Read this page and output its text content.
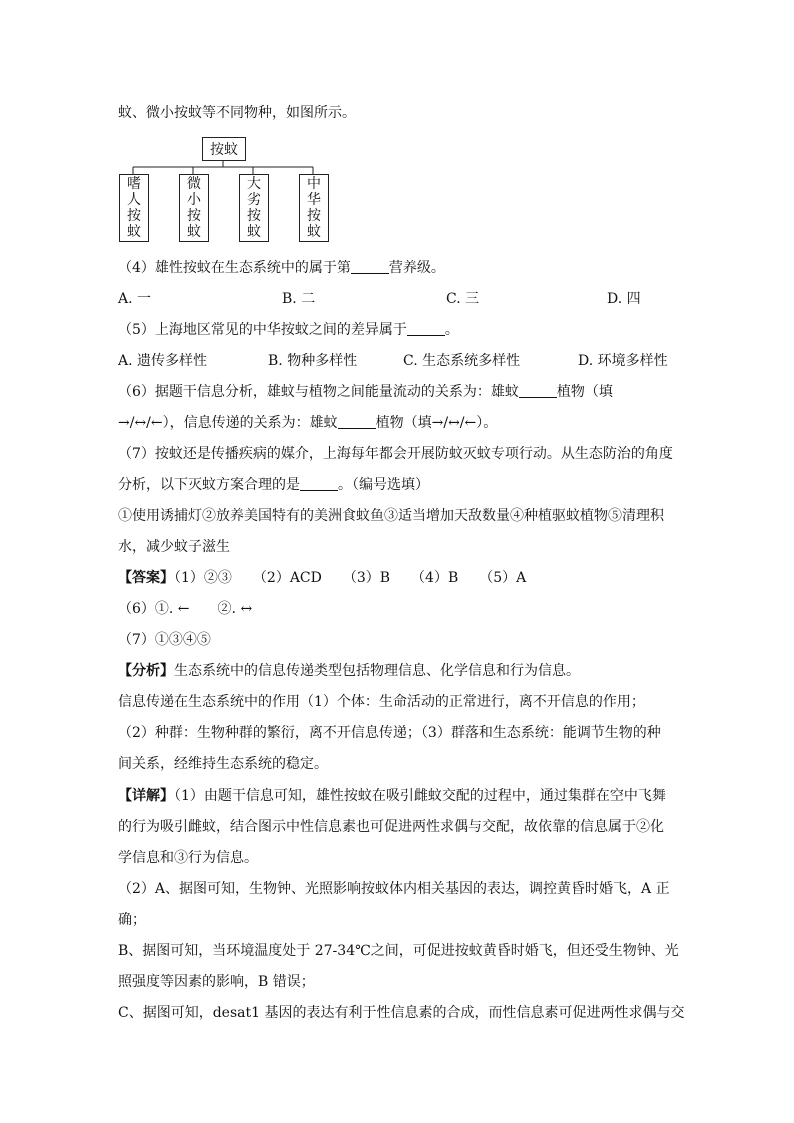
蚊、微小按蚊等不同物种，如图所示。
按蚊
嗜
人
按
蚊
微
小
按
蚊
大
劣
按
蚊
中
华
按
蚊
（4）雄性按蚊在生态系统中的属于第	营养级。
A. 一	B. 二	C. 三	D. 四
（5）上海地区常见的中华按蚊之间的差异属于	。
A. 遗传多样性	B. 物种多样性	C. 生态系统多样性	D. 环境多样性
（6）据题干信息分析，雄蚊与植物之间能量流动的关系为：雄蚊	植物（填
→/↔/←），信息传递的关系为：雄蚊	植物（填→/↔/←）。
（7）按蚊还是传播疾病的媒介，上海每年都会开展防蚊灭蚊专项行动。从生态防治的角度
分析，以下灭蚊方案合理的是	。（编号选填）
①使用诱捕灯②放养美国特有的美洲食蚊鱼③适当增加天敌数量④种植驱蚊植物⑤清理积
水，减少蚊子滋生
【答案】（1）②③　　（2）ACD　　（3）B　　（4）B　　（5）A
（6）①. ←　　②. ↔
（7）①③④⑤
【分析】生态系统中的信息传递类型包括物理信息、化学信息和行为信息。
信息传递在生态系统中的作用（1）个体：生命活动的正常进行，离不开信息的作用；
（2）种群：生物种群的繁衍，离不开信息传递；（3）群落和生态系统：能调节生物的种
间关系，经维持生态系统的稳定。
【详解】（1）由题干信息可知，雄性按蚊在吸引雌蚊交配的过程中，通过集群在空中飞舞
的行为吸引雌蚊，结合图示中性信息素也可促进两性求偶与交配，故依靠的信息属于②化
学信息和③行为信息。
（2）A、据图可知，生物钟、光照影响按蚊体内相关基因的表达，调控黄昏时婚飞，A 正
确；
B、据图可知，当环境温度处于 27-34℃之间，可促进按蚊黄昏时婚飞，但还受生物钟、光
照强度等因素的影响，B 错误；
C、据图可知，desat1 基因的表达有利于性信息素的合成，而性信息素可促进两性求偶与交
